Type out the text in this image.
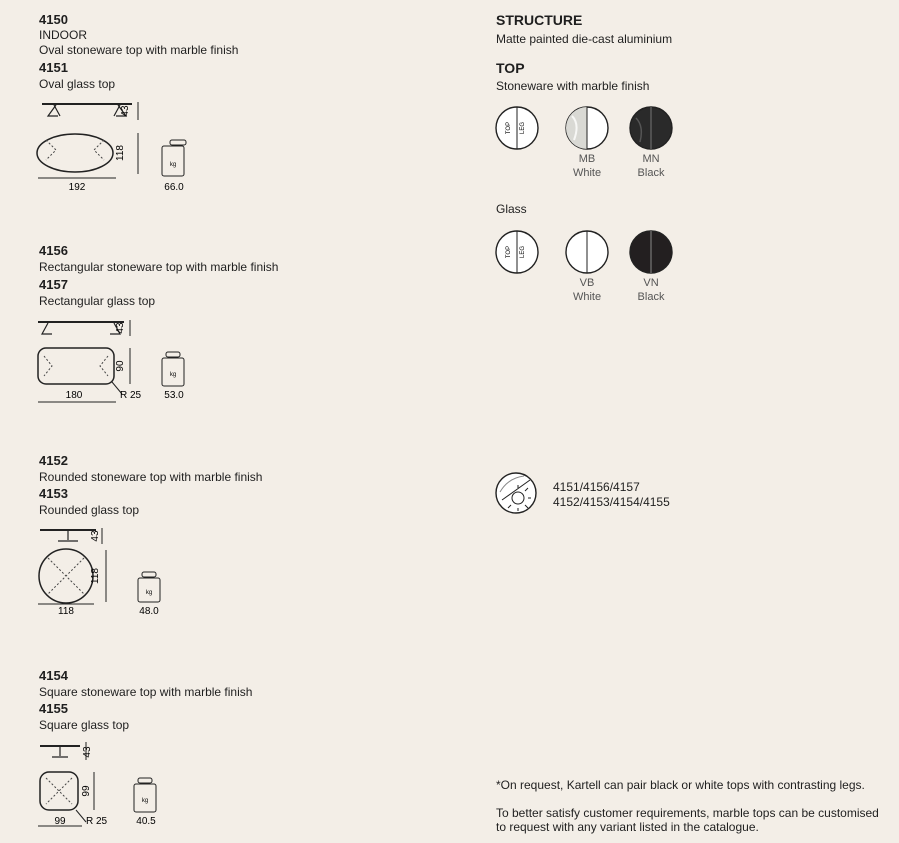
4150
INDOOR
Oval stoneware top with marble finish
4151
Oval glass top
43
118
192
kg
66.0
4156
Rectangular stoneware top with marble finish
4157
Rectangular glass top
43
90
180	R 25
kg
53.0
4152
Rounded stoneware top with marble finish
4153
Rounded glass top
43
118
118
kg
48.0
4154
Square stoneware top with marble finish
4155
Square glass top
43
99
99 R 25
kg
40.5
STRUCTURE
Matte painted die-cast aluminium
TOP
Stoneware with marble finish
TOP LEG
MB
White
MN
Black
Glass
TOP LEG
VB
White
VN
Black
4151/4156/4157
4152/4153/4154/4155
*On request, Kartell can pair black or white tops with contrasting legs.
To better satisfy customer requirements, marble tops can be customised
to request with any variant listed in the catalogue.
